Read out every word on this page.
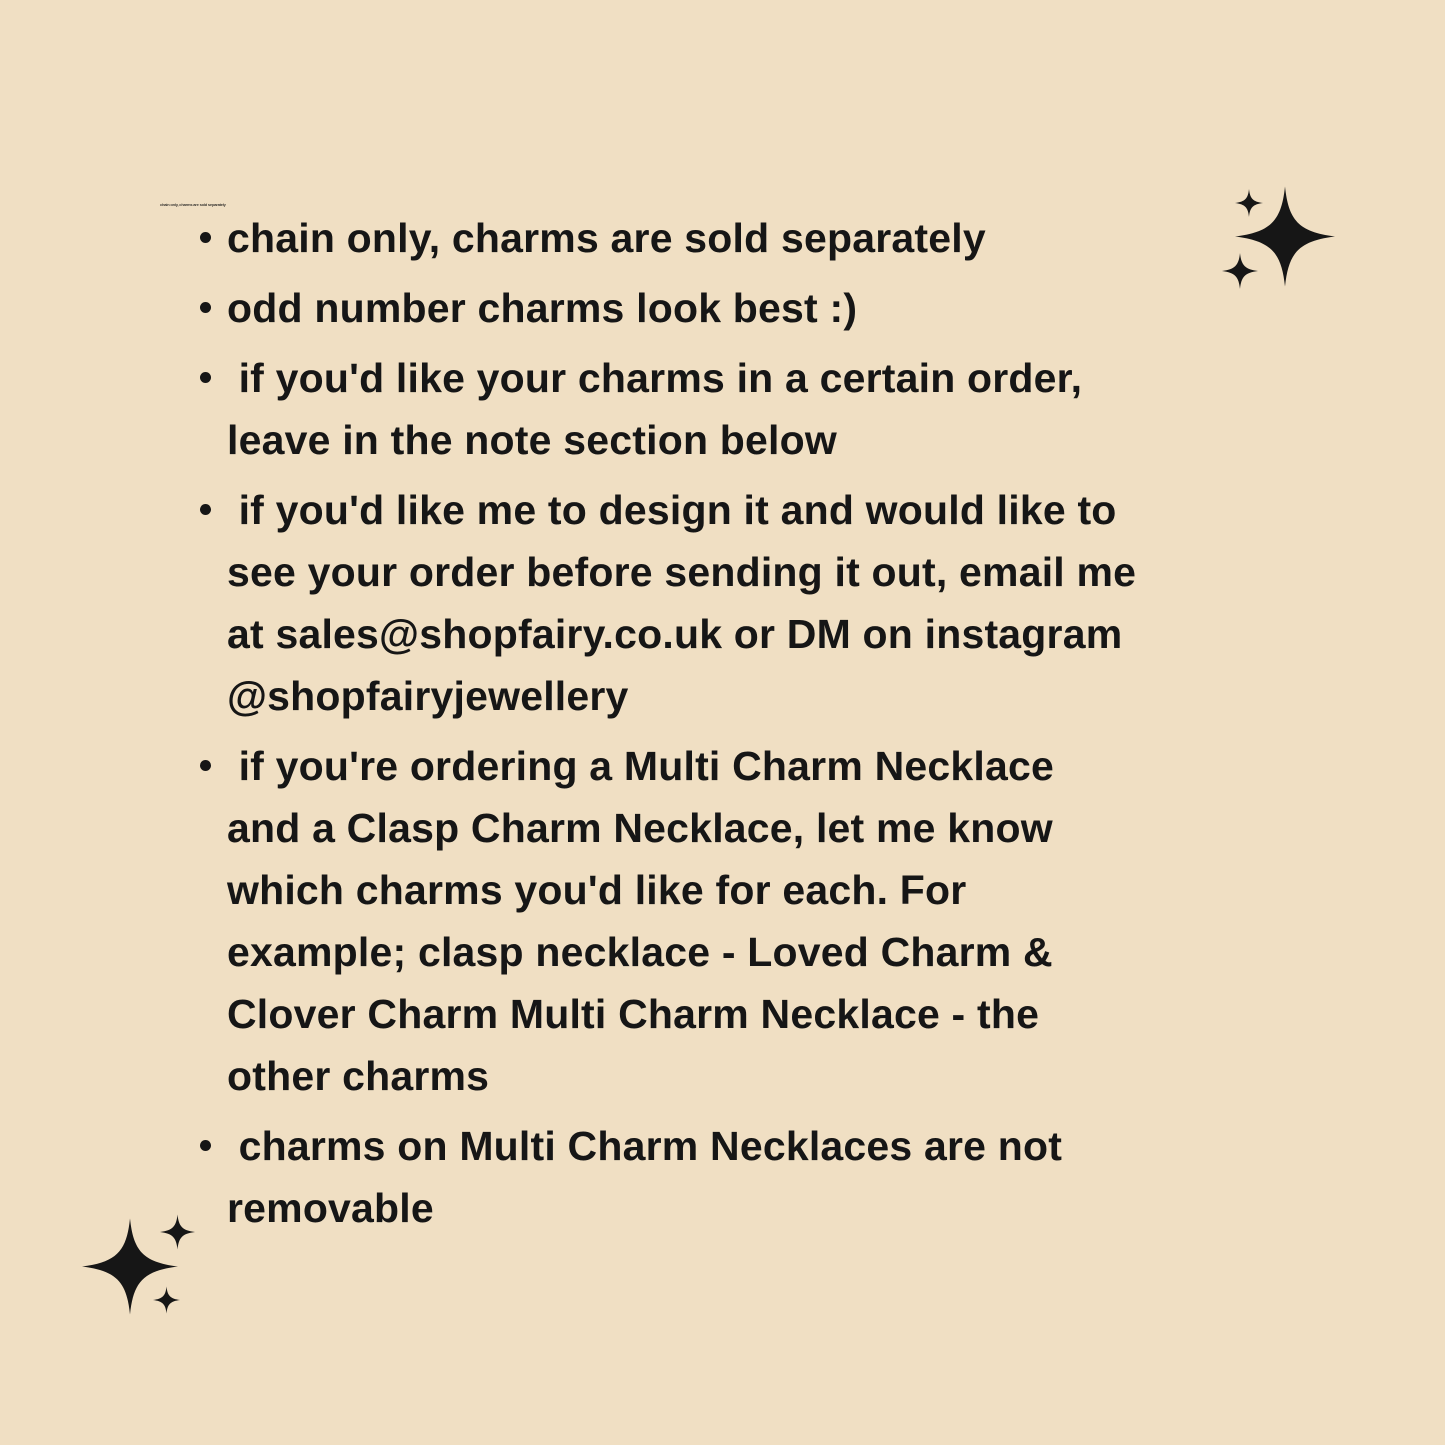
chain only, charms are sold separately
chain only, charms are sold separately
odd number charms look best :)
if you'd like your charms in a certain order,
leave in the note section below
if you'd like me to design it and would like to
see your order before sending it out, email me
at sales@shopfairy.co.uk or DM on instagram
@shopfairyjewellery
if you're ordering a Multi Charm Necklace
and a Clasp Charm Necklace, let me know
which charms you'd like for each. For
example; clasp necklace - Loved Charm &
Clover Charm Multi Charm Necklace - the
other charms
charms on Multi Charm Necklaces are not
removable
